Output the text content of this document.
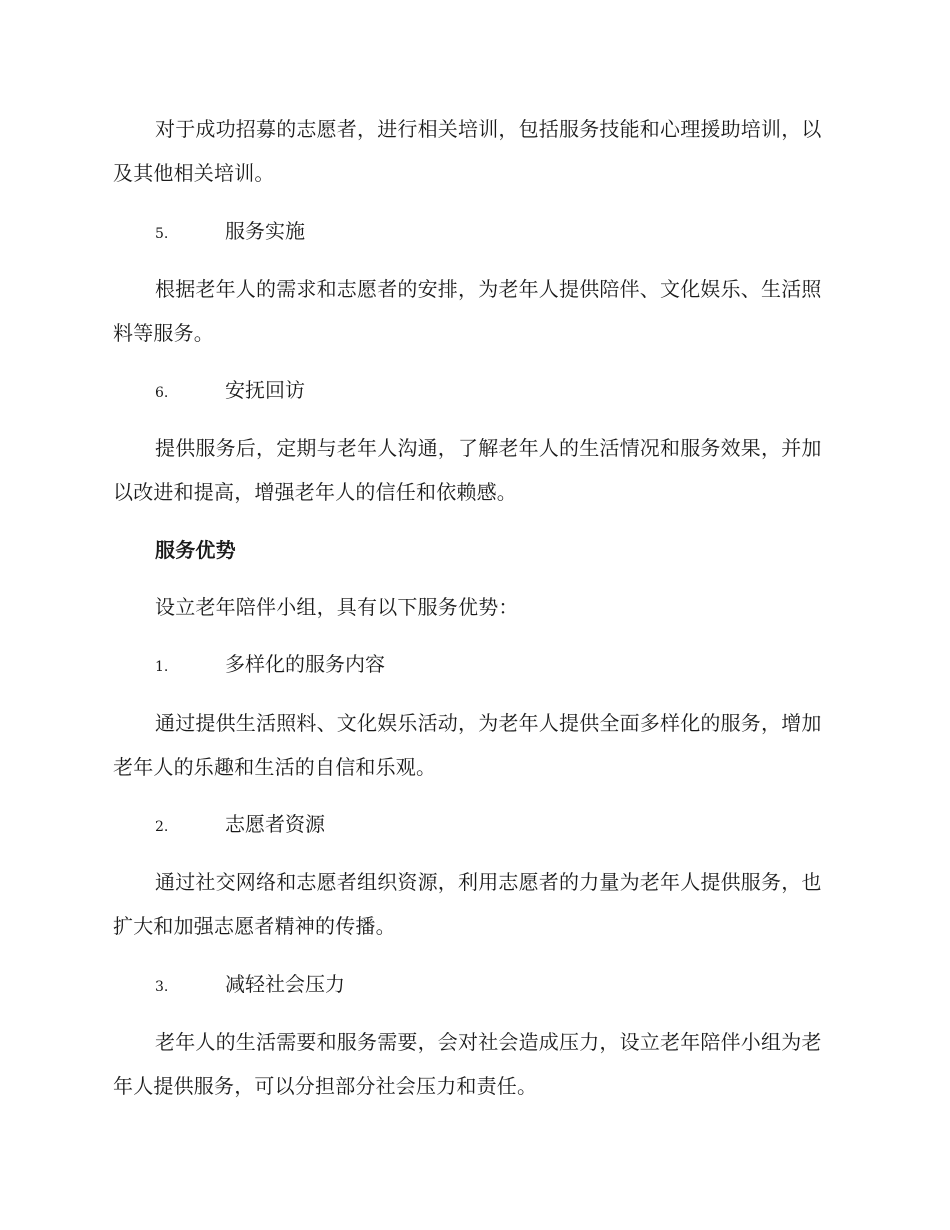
对于成功招募的志愿者，进行相关培训，包括服务技能和心理援助培训，以及其他相关培训。

5.	服务实施

根据老年人的需求和志愿者的安排，为老年人提供陪伴、文化娱乐、生活照料等服务。

6.	安抚回访

提供服务后，定期与老年人沟通，了解老年人的生活情况和服务效果，并加以改进和提高，增强老年人的信任和依赖感。

服务优势

设立老年陪伴小组，具有以下服务优势：

1.	多样化的服务内容

通过提供生活照料、文化娱乐活动，为老年人提供全面多样化的服务，增加老年人的乐趣和生活的自信和乐观。

2.	志愿者资源

通过社交网络和志愿者组织资源，利用志愿者的力量为老年人提供服务，也扩大和加强志愿者精神的传播。

3.	减轻社会压力

老年人的生活需要和服务需要，会对社会造成压力，设立老年陪伴小组为老年人提供服务，可以分担部分社会压力和责任。
